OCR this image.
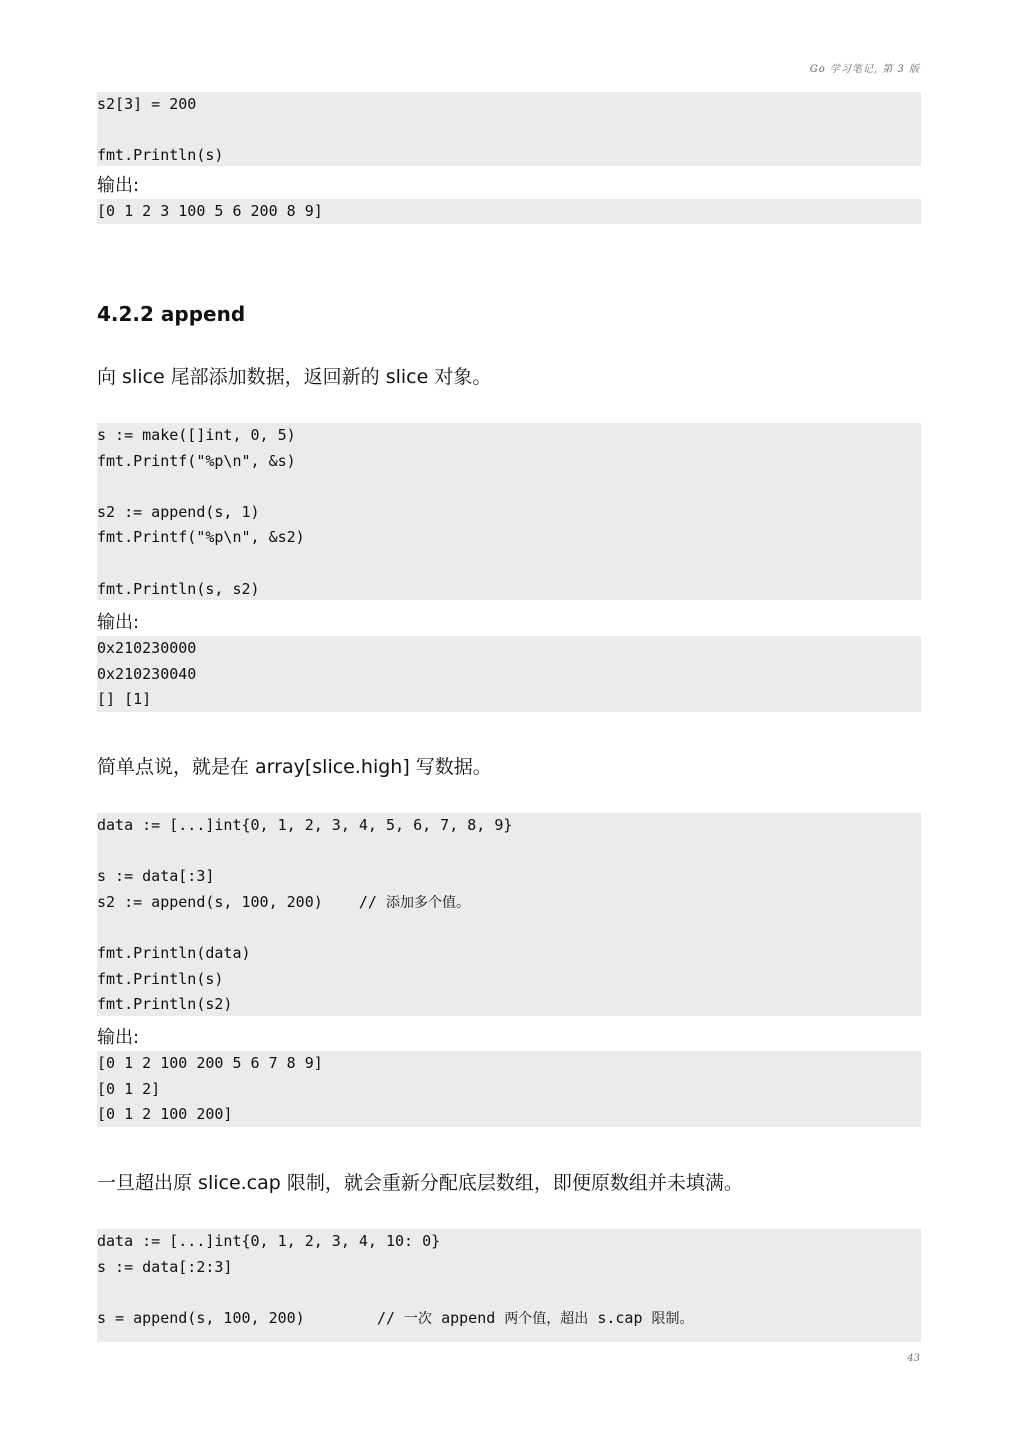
Go 学习笔记, 第 3 版
s2[3] = 200
fmt.Println(s)
输出:
[0 1 2 3 100 5 6 200 8 9]
4.2.2 append
向 slice 尾部添加数据，返回新的 slice 对象。
s := make([]int, 0, 5)
fmt.Printf("%p\n", &s)
s2 := append(s, 1)
fmt.Printf("%p\n", &s2)
fmt.Println(s, s2)
输出:
0x210230000
0x210230040
[] [1]
简单点说，就是在 array[slice.high] 写数据。
data := [...]int{0, 1, 2, 3, 4, 5, 6, 7, 8, 9}
s := data[:3]
s2 := append(s, 100, 200)    // 添加多个值。
fmt.Println(data)
fmt.Println(s)
fmt.Println(s2)
输出:
[0 1 2 100 200 5 6 7 8 9]
[0 1 2]
[0 1 2 100 200]
一旦超出原 slice.cap 限制，就会重新分配底层数组，即便原数组并未填满。
data := [...]int{0, 1, 2, 3, 4, 10: 0}
s := data[:2:3]
s = append(s, 100, 200)        // 一次 append 两个值，超出 s.cap 限制。
43
